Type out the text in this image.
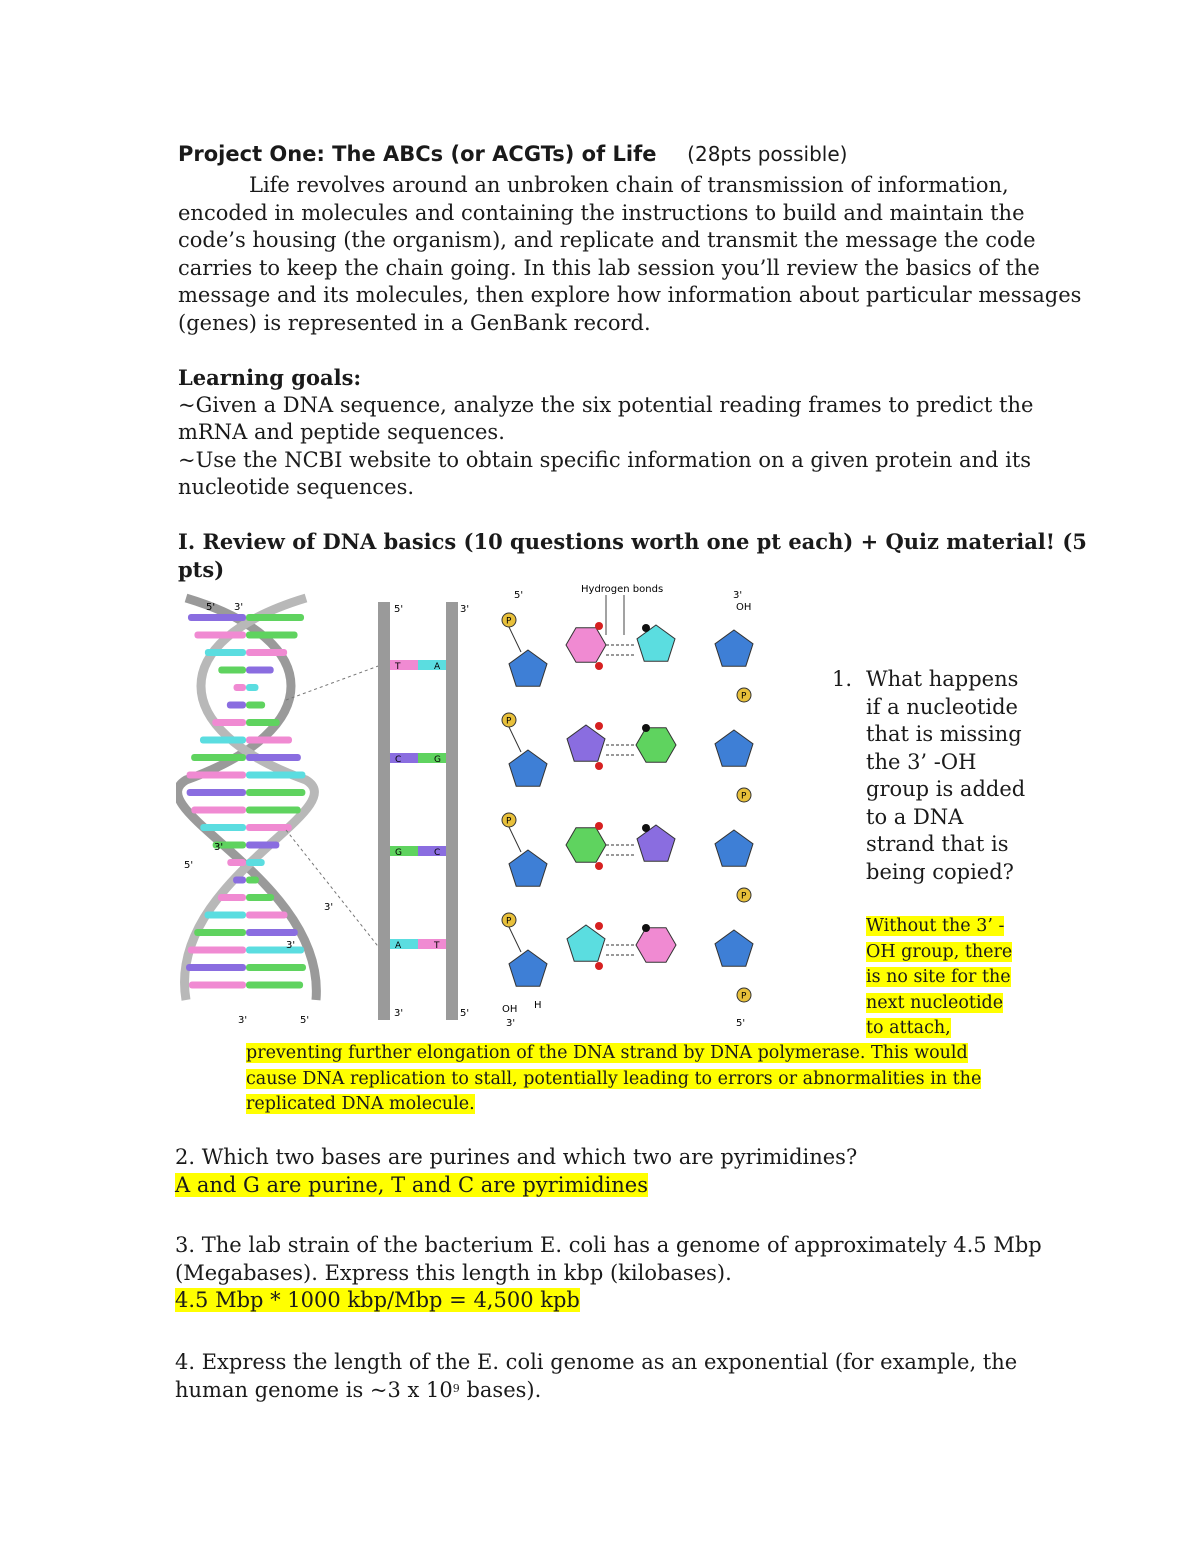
Project One: The ABCs (or ACGTs) of Life (28pts possible)
Life revolves around an unbroken chain of transmission of information,
encoded in molecules and containing the instructions to build and maintain the
code’s housing (the organism), and replicate and transmit the message the code
carries to keep the chain going. In this lab session you’ll review the basics of the
message and its molecules, then explore how information about particular messages
(genes) is represented in a GenBank record.
Learning goals:
~Given a DNA sequence, analyze the six potential reading frames to predict the
mRNA and peptide sequences.
~Use the NCBI website to obtain specific information on a given protein and its
nucleotide sequences.
I. Review of DNA basics (10 questions worth one pt each) + Quiz material! (5
pts)
5' 3'
3'
5'
3'
3'
3'	5'
5'	3'
3'	5'
T	A
C	G
G	C
A	T
Hydrogen bonds
5'	3'
OH
OH H
3'	5'
P
P
P
P
P
P
P
P
1. What happens
if a nucleotide
that is missing
the 3’ -OH
group is added
to a DNA
strand that is
being copied?
Without the 3’ -
OH group, there
is no site for the
next nucleotide
to attach,
preventing further elongation of the DNA strand by DNA polymerase. This would
cause DNA replication to stall, potentially leading to errors or abnormalities in the
replicated DNA molecule.
2. Which two bases are purines and which two are pyrimidines?
A and G are purine, T and C are pyrimidines
3. The lab strain of the bacterium E. coli has a genome of approximately 4.5 Mbp
(Megabases). Express this length in kbp (kilobases).
4.5 Mbp * 1000 kbp/Mbp = 4,500 kpb
4. Express the length of the E. coli genome as an exponential (for example, the
human genome is ~3 x $10^9$ bases).
